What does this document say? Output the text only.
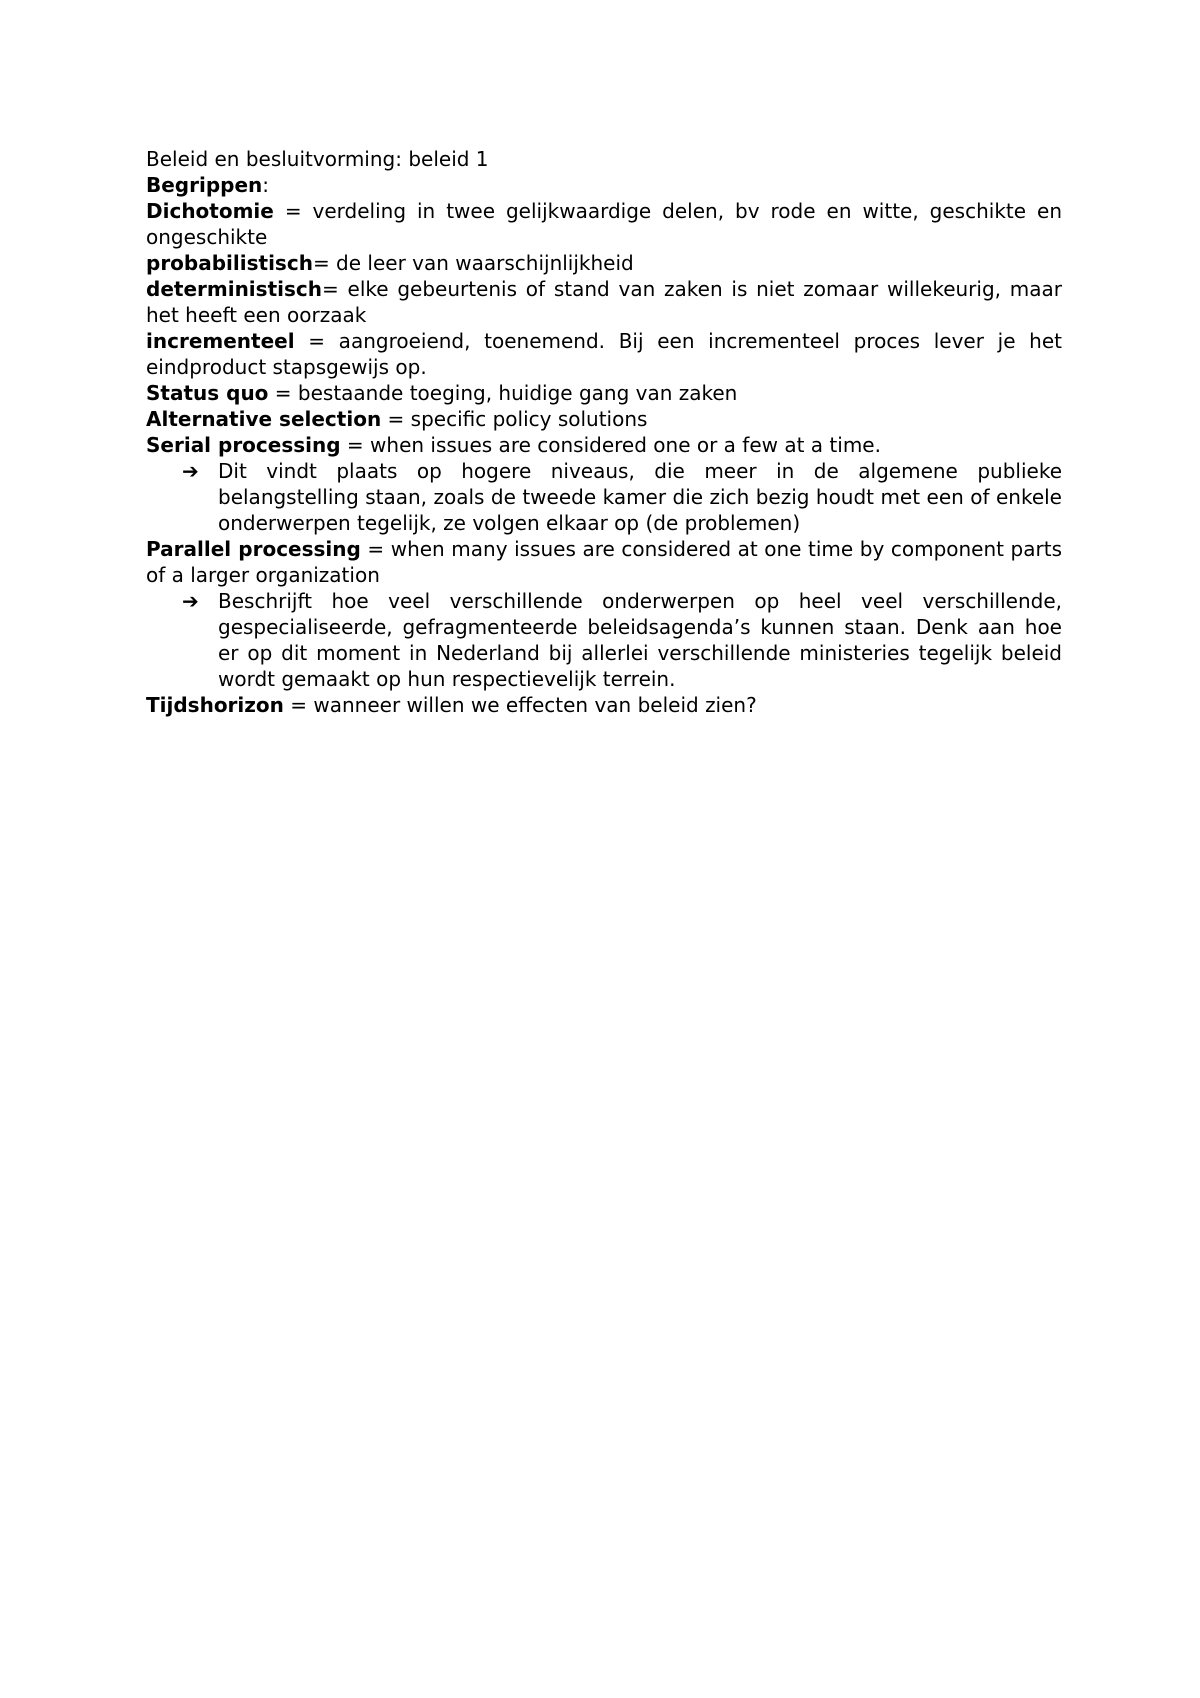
Beleid en besluitvorming: beleid 1

Begrippen:

Dichotomie = verdeling in twee gelijkwaardige delen, bv rode en witte, geschikte en ongeschikte

probabilistisch= de leer van waarschijnlijkheid

deterministisch= elke gebeurtenis of stand van zaken is niet zomaar willekeurig, maar het heeft een oorzaak

incrementeel = aangroeiend, toenemend. Bij een incrementeel proces lever je het eindproduct stapsgewijs op.

Status quo = bestaande toeging, huidige gang van zaken

Alternative selection = specific policy solutions

Serial processing = when issues are considered one or a few at a time.

➔ Dit vindt plaats op hogere niveaus, die meer in de algemene publieke belangstelling staan, zoals de tweede kamer die zich bezig houdt met een of enkele onderwerpen tegelijk, ze volgen elkaar op (de problemen)

Parallel processing = when many issues are considered at one time by component parts of a larger organization

➔ Beschrijft hoe veel verschillende onderwerpen op heel veel verschillende, gespecialiseerde, gefragmenteerde beleidsagenda’s kunnen staan. Denk aan hoe er op dit moment in Nederland bij allerlei verschillende ministeries tegelijk beleid wordt gemaakt op hun respectievelijk terrein.

Tijdshorizon = wanneer willen we effecten van beleid zien?
